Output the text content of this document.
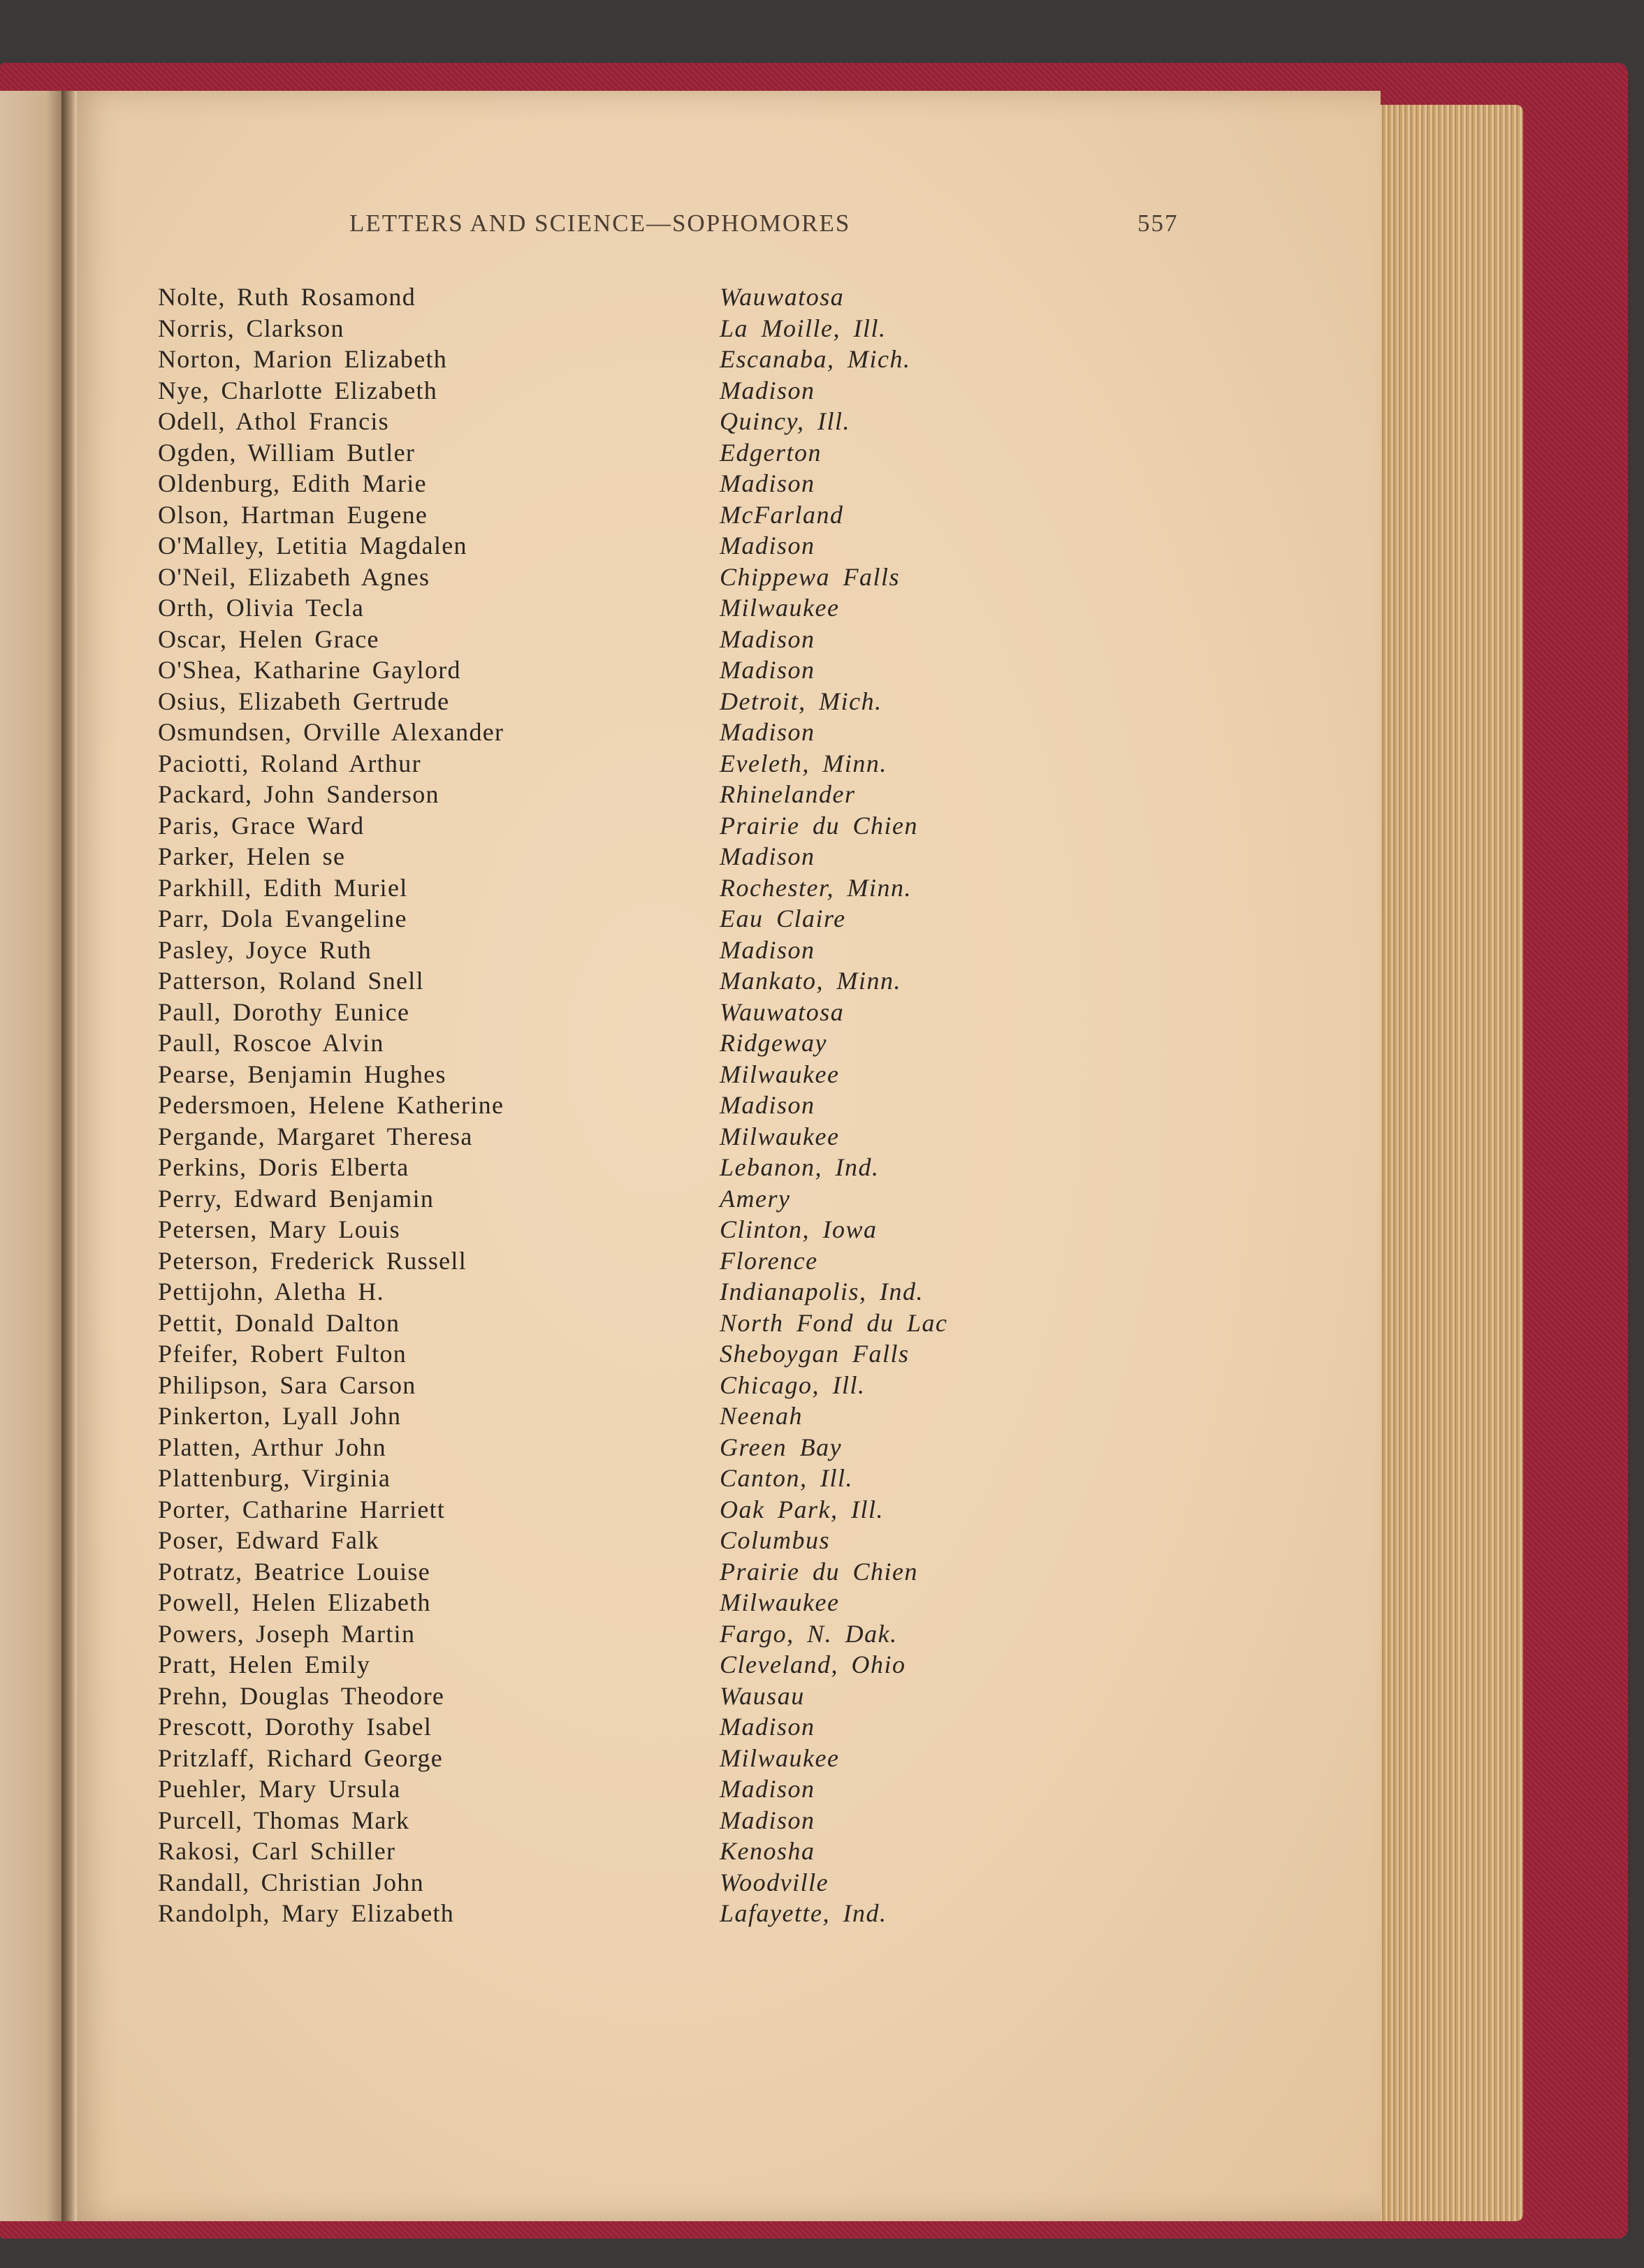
LETTERS AND SCIENCE—SOPHOMORES	557
Nolte, Ruth Rosamond	Wauwatosa
Norris, Clarkson	La Moille, Ill.
Norton, Marion Elizabeth	Escanaba, Mich.
Nye, Charlotte Elizabeth	Madison
Odell, Athol Francis	Quincy, Ill.
Ogden, William Butler	Edgerton
Oldenburg, Edith Marie	Madison
Olson, Hartman Eugene	McFarland
O'Malley, Letitia Magdalen	Madison
O'Neil, Elizabeth Agnes	Chippewa Falls
Orth, Olivia Tecla	Milwaukee
Oscar, Helen Grace	Madison
O'Shea, Katharine Gaylord	Madison
Osius, Elizabeth Gertrude	Detroit, Mich.
Osmundsen, Orville Alexander	Madison
Paciotti, Roland Arthur	Eveleth, Minn.
Packard, John Sanderson	Rhinelander
Paris, Grace Ward	Prairie du Chien
Parker, Helen se	Madison
Parkhill, Edith Muriel	Rochester, Minn.
Parr, Dola Evangeline	Eau Claire
Pasley, Joyce Ruth	Madison
Patterson, Roland Snell	Mankato, Minn.
Paull, Dorothy Eunice	Wauwatosa
Paull, Roscoe Alvin	Ridgeway
Pearse, Benjamin Hughes	Milwaukee
Pedersmoen, Helene Katherine	Madison
Pergande, Margaret Theresa	Milwaukee
Perkins, Doris Elberta	Lebanon, Ind.
Perry, Edward Benjamin	Amery
Petersen, Mary Louis	Clinton, Iowa
Peterson, Frederick Russell	Florence
Pettijohn, Aletha H.	Indianapolis, Ind.
Pettit, Donald Dalton	North Fond du Lac
Pfeifer, Robert Fulton	Sheboygan Falls
Philipson, Sara Carson	Chicago, Ill.
Pinkerton, Lyall John	Neenah
Platten, Arthur John	Green Bay
Plattenburg, Virginia	Canton, Ill.
Porter, Catharine Harriett	Oak Park, Ill.
Poser, Edward Falk	Columbus
Potratz, Beatrice Louise	Prairie du Chien
Powell, Helen Elizabeth	Milwaukee
Powers, Joseph Martin	Fargo, N. Dak.
Pratt, Helen Emily	Cleveland, Ohio
Prehn, Douglas Theodore	Wausau
Prescott, Dorothy Isabel	Madison
Pritzlaff, Richard George	Milwaukee
Puehler, Mary Ursula	Madison
Purcell, Thomas Mark	Madison
Rakosi, Carl Schiller	Kenosha
Randall, Christian John	Woodville
Randolph, Mary Elizabeth	Lafayette, Ind.
